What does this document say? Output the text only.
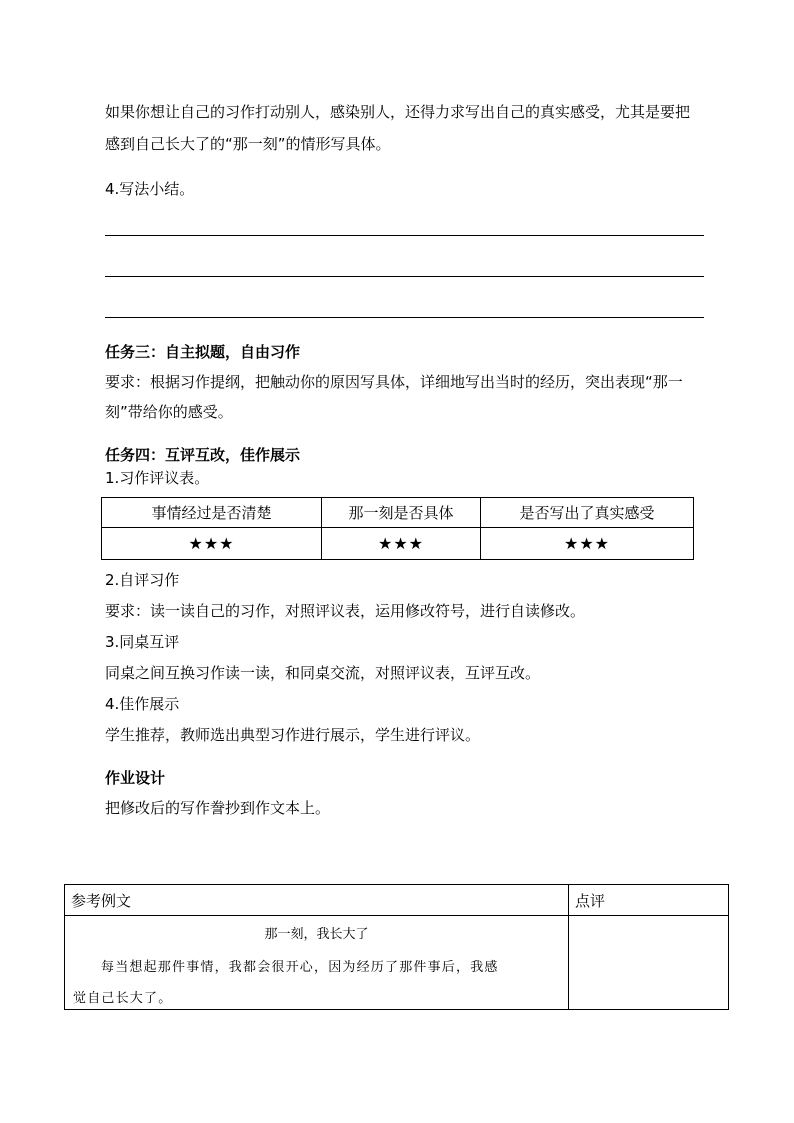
如果你想让自己的习作打动别人，感染别人，还得力求写出自己的真实感受，尤其是要把
感到自己长大了的“那一刻”的情形写具体。
4.写法小结。
任务三：自主拟题，自由习作
要求：根据习作提纲，把触动你的原因写具体，详细地写出当时的经历，突出表现“那一
刻”带给你的感受。
任务四：互评互改，佳作展示
1.习作评议表。
事情经过是否清楚	那一刻是否具体	是否写出了真实感受
★★★	★★★	★★★
2.自评习作
要求：读一读自己的习作，对照评议表，运用修改符号，进行自读修改。
3.同桌互评
同桌之间互换习作读一读，和同桌交流，对照评议表，互评互改。
4.佳作展示
学生推荐，教师选出典型习作进行展示，学生进行评议。
作业设计
把修改后的写作誊抄到作文本上。
参考例文	点评

那一刻，我长大了
每当想起那件事情，我都会很开心，因为经历了那件事后，我感
觉自己长大了。	
